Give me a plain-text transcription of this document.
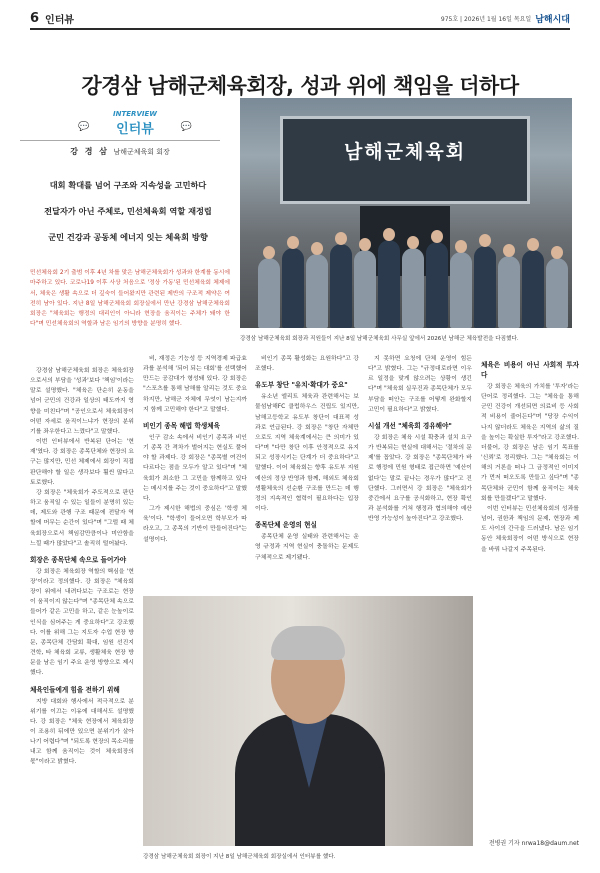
6 인터뷰	975호 | 2026년 1월 16일 목요일 남해시대
강경삼 남해군체육회장, 성과 위에 책임을 더하다
INTERVIEW
인터뷰
💬	💬
강 경 삼 남해군체육회 회장
대회 확대를 넘어 구조와 지속성을 고민하다
전달자가 아닌 주체로, 민선체육회 역할 재정립
군민 건강과 공동체 에너지 잇는 체육회 방향
남해군체육회
강경삼 남해군체육회 회장과 직원들이 지난 8일 남해군체육회 사무실 앞에서 2026년 남해군 체육발전을 다짐했다.
민선체육회 2기 출범 이후 4년 차를 맞은 남해군체육회가 성과와 한계를 동시에 마주하고 있다. 코로나19 이후 사상 처음으로 '정상 가동'된 민선체육회 체제에서, 체육은 생활 속으로 더 깊숙이 들어왔지만 관련된 제반의 구조적 제약은 여전히 남아 있다. 지난 8일 남해군체육회 회장실에서 만난 강경삼 남해군체육회 회장은 "체육회는 행정의 대리인이 아니라 현장을 움직이는 주체가 돼야 한다"며 민선체육회의 역할과 남은 임기의 방향을 분명히 했다.

강경삼 남해군체육회 회장은 체육회장으로서의 부담을 '성과'보다 '책임'이라는 말로 설명했다. "체육은 단순히 운동을 넘어 군민의 건강과 일상의 태도까지 영향을 미친다"며 "공인으로서 체육회장이 어떤 자세로 움직이느냐가 현장의 분위기를 좌우한다고 느꼈다"고 말했다.

이번 인터뷰에서 반복된 단어는 '현재'였다. 강 회장은 종목단체와 현장의 요구는 많지만, 민선 체제에서 회장이 직접 판단해야 할 일은 생각보다 훨씬 많다고 토로했다.

강 회장은 "체육회가 주도적으로 판단하고 움직일 수 있는 일들이 분명히 있는데, 제도와 관행 구조 때문에 전달자 역할에 머무는 순간이 있다"며 "그럴 때 체육회장으로서 책임감만큼이나 미안함을 느낄 때가 많았다"고 솔직히 털어놨다.

회장은 종목단체 속으로 들어가야

강 회장은 체육회장 역할의 핵심을 '현장'이라고 정의했다. 강 회장은 "체육회장이 위에서 내려다보는 구조로는 현장이 움직이지 않는다"며 "종목단체 속으로 들어가 같은 고민을 하고, 같은 눈높이로 인식을 심어주는 게 중요하다"고 강조했다. 이를 위해 그는 지도자 수업 현장 방문, 종목단체 간담회 확대, 임원 선진지 견학, 타 체육회 교류, 생활체육 현장 방문을 남은 임기 주요 운영 방향으로 제시했다.

체육인들에게 힘을 전하기 위해

지방 대회와 행사에서 적극적으로 분위기를 이끄는 이유에 대해서도 설명했다. 강 회장은 "체육 현장에서 체육회장이 조용히 뒤에만 있으면 분위기가 살아나기 어렵다"며 "되도록 현장의 목소리를 내고 함께 움직이는 것이 체육회장의 몫"이라고 밝혔다.

비, 재정은 기능성 등 지역경제 파급효과를 분석해 '되어 되는 대회'를 선택했어 만드는 공감대가 형성돼 있다. 강 회장은 "스포츠를 통해 남해를 알리는 것도 중요하지만, 남해군 자체에 무엇이 남는지까지 함께 고민해야 한다"고 말했다.

비인기 종목 해법 학생체육

인구 감소 속에서 비인기 종목과 비인기 종목 간 격차가 벌어지는 현실도 풀어야 할 과제다. 강 회장은 "종목별 여건이 다르다는 점을 모두가 알고 있다"며 "체육회가 최소한 그 고민을 함께하고 있다는 메시지를 주는 것이 중요하다"고 말했다.

그가 제시한 해법의 중심은 '학생 체육'이다. "학생이 들어오면 학부모가 따라오고, 그 종목의 기반이 만들어진다"는 설명이다.

비인기 종목 활성화는 요원하다"고 강조했다.

유도부 창단 "유치·확대가 중요"

유소년 엘리트 체육과 관련해서는 보물섬남해FC 클럽하우스 건립도 있지만, 남해고등학교 유도부 창단이 대표적 성과로 언급된다. 강 회장은 "창단 자체만으로도 지역 체육계에서는 큰 의미가 있다"며 "다만 창단 이후 안정적으로 유지되고 성장시키는 단계가 더 중요하다"고 말했다. 이어 체육회는 향후 유도부 지원 예산의 정상 반영과 함께, 해외도 체육회 생활체육의 선순환 구조를 만드는 데 행정의 지속적인 협력이 필요하다는 입장이다.

종목단체 운영의 현실

종목단체 운영 실태와 관련해서는 운영 규정과 지역 현실이 충돌하는 문제도 구체적으로 제기됐다.

지 못하면 요청에 단체 운영이 힘든다"고 밝혔다. 그는 "규정대로라면 이우르 일정을 맞게 않으려는 상황이 생긴다"며 "체육회 실무진과 종목단체가 모두 부담을 떠안는 구조를 어떻게 완화할지 고민이 필요하다"고 밝혔다.

시설 개선 "체육회 경유해야"

강 회장은 체육 시설 확충과 설치 요구가 반복되는 현실에 대해서는 '절차의 문제'를 꼽았다. 강 회장은 "종목단체가 바로 행정에 민원 형태로 접근하면 '예산이 없다'는 말로 끝나는 경우가 많다"고 진단했다. 그러면서 강 회장은 "체육회가 중간에서 요구를 공식화하고, 현장 확인과 분석화를 거쳐 행정과 협의해야 예산 반영 가능성이 높아진다"고 강조했다.

체육은 비용이 아닌 사회적 투자다

강 회장은 체육의 가치를 '투자'라는 단어로 정리했다. 그는 "체육을 통해 군민 건강이 개선되면 의료비 등 사회적 비용이 줄어든다"며 "당장 수익이 나지 않더라도 체육은 지역의 삶의 질을 높이는 확실한 투자"라고 강조했다. 더불어, 강 회장은 남은 임기 목표를 '신뢰'로 정리했다. 그는 "체육회는 이해의 거론을 떠나 그 금정적인 이미지가 먼저 떠오도록 만들고 싶다"며 "종목단체와 군민이 함께 움직이는 체육회를 만들겠다"고 말했다.

이번 인터뷰는 민선체육회의 성과를 넘어, 권한과 책임의 문제, 현장과 제도 사이의 간극을 드러냈다. 남은 임기 동안 체육회장이 어떤 방식으로 현장을 바꿔 나갈지 주목된다.

강경삼 남해군체육회 회장이 지난 8일 남해군체육회 회장실에서 인터뷰를 했다.
전병권 기자 nrwa18@daum.net
